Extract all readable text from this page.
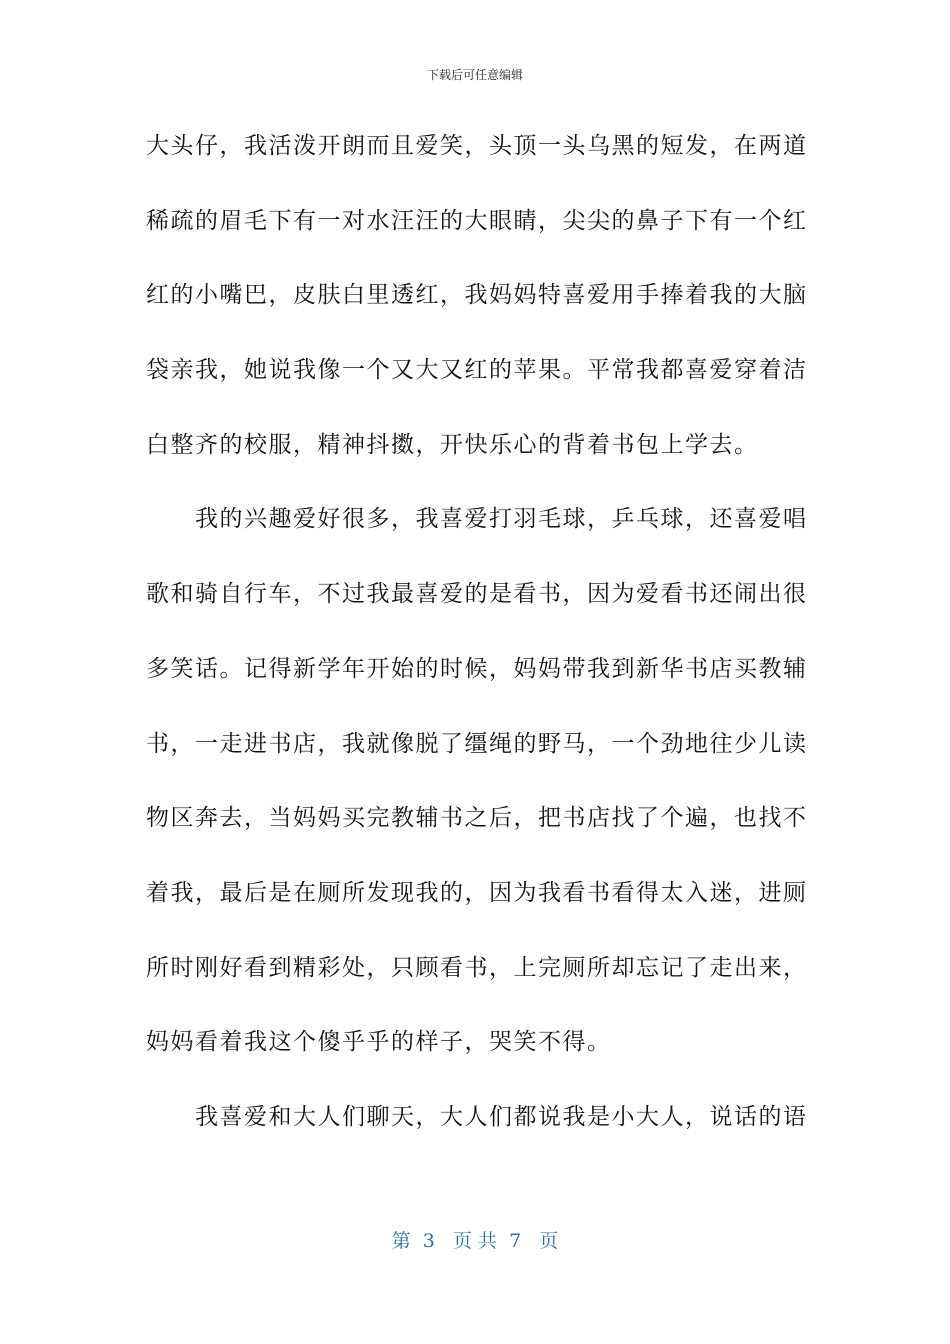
下载后可任意编辑
大头仔，我活泼开朗而且爱笑，头顶一头乌黑的短发，在两道
稀疏的眉毛下有一对水汪汪的大眼睛，尖尖的鼻子下有一个红
红的小嘴巴，皮肤白里透红，我妈妈特喜爱用手捧着我的大脑
袋亲我，她说我像一个又大又红的苹果。平常我都喜爱穿着洁
白整齐的校服，精神抖擞，开快乐心的背着书包上学去。
　　我的兴趣爱好很多，我喜爱打羽毛球，乒乓球，还喜爱唱
歌和骑自行车，不过我最喜爱的是看书，因为爱看书还闹出很
多笑话。记得新学年开始的时候，妈妈带我到新华书店买教辅
书，一走进书店，我就像脱了缰绳的野马，一个劲地往少儿读
物区奔去，当妈妈买完教辅书之后，把书店找了个遍，也找不
着我，最后是在厕所发现我的，因为我看书看得太入迷，进厕
所时刚好看到精彩处，只顾看书，上完厕所却忘记了走出来，
妈妈看着我这个傻乎乎的样子，哭笑不得。
　　我喜爱和大人们聊天，大人们都说我是小大人，说话的语
第  3   页 共  7   页
